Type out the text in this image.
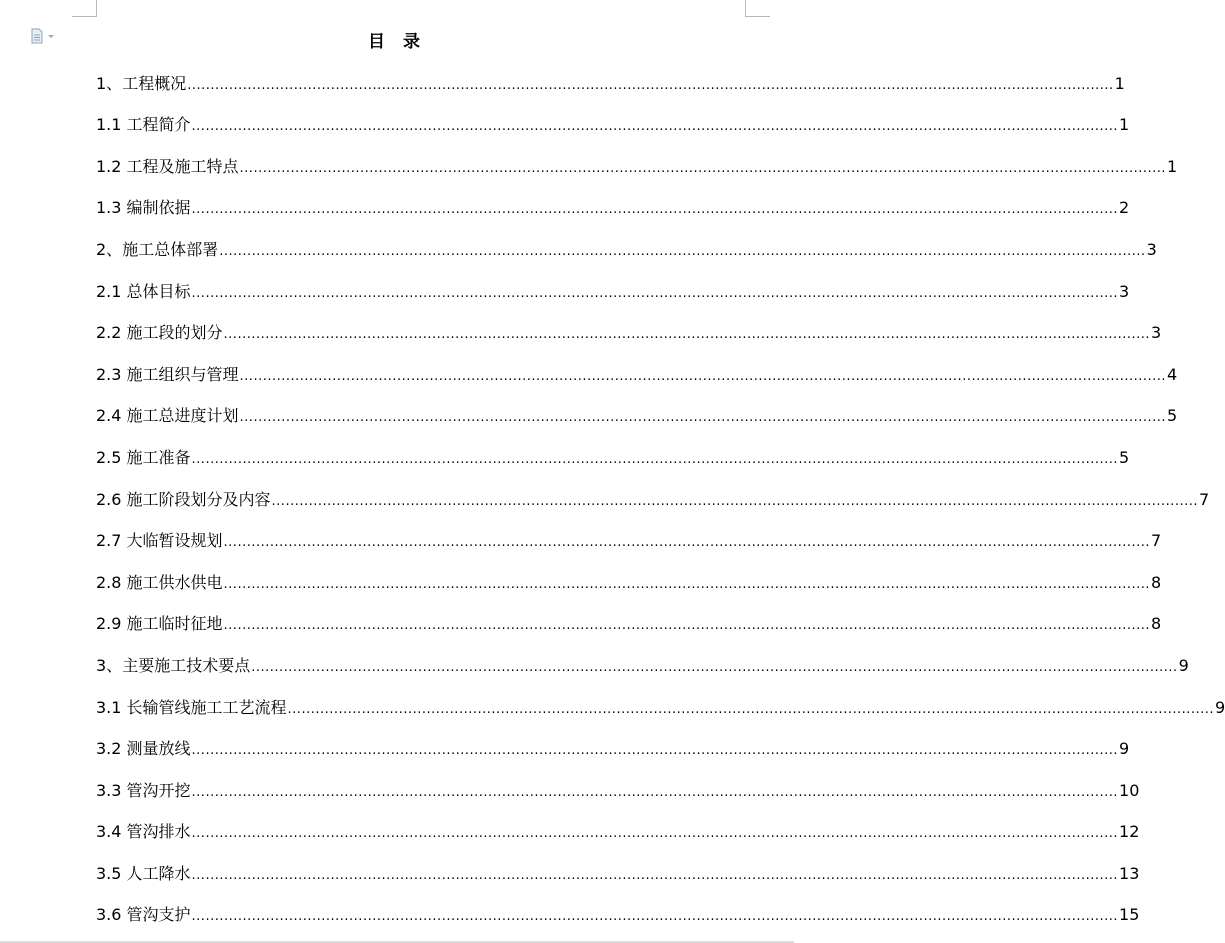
目 录
1、 工程概况 ........................................................................................................................................................................................................ 1
1.1 工程简介 ........................................................................................................................................................................................................ 1
1.2 工程及施工特点 ........................................................................................................................................................................................................ 1
1.3 编制依据 ........................................................................................................................................................................................................ 2
2、 施工总体部署 ........................................................................................................................................................................................................ 3
2.1 总体目标 ........................................................................................................................................................................................................ 3
2.2 施工段的划分 ........................................................................................................................................................................................................ 3
2.3 施工组织与管理 ........................................................................................................................................................................................................ 4
2.4 施工总进度计划 ........................................................................................................................................................................................................ 5
2.5 施工准备 ........................................................................................................................................................................................................ 5
2.6 施工阶段划分及内容 ........................................................................................................................................................................................................ 7
2.7 大临暂设规划 ........................................................................................................................................................................................................ 7
2.8 施工供水供电 ........................................................................................................................................................................................................ 8
2.9 施工临时征地 ........................................................................................................................................................................................................ 8
3、 主要施工技术要点 ........................................................................................................................................................................................................ 9
3.1 长输管线施工工艺流程 ........................................................................................................................................................................................................ 9
3.2 测量放线 ........................................................................................................................................................................................................ 9
3.3 管沟开挖 ........................................................................................................................................................................................................ 10
3.4 管沟排水 ........................................................................................................................................................................................................ 12
3.5 人工降水 ........................................................................................................................................................................................................ 13
3.6 管沟支护 ........................................................................................................................................................................................................ 15
